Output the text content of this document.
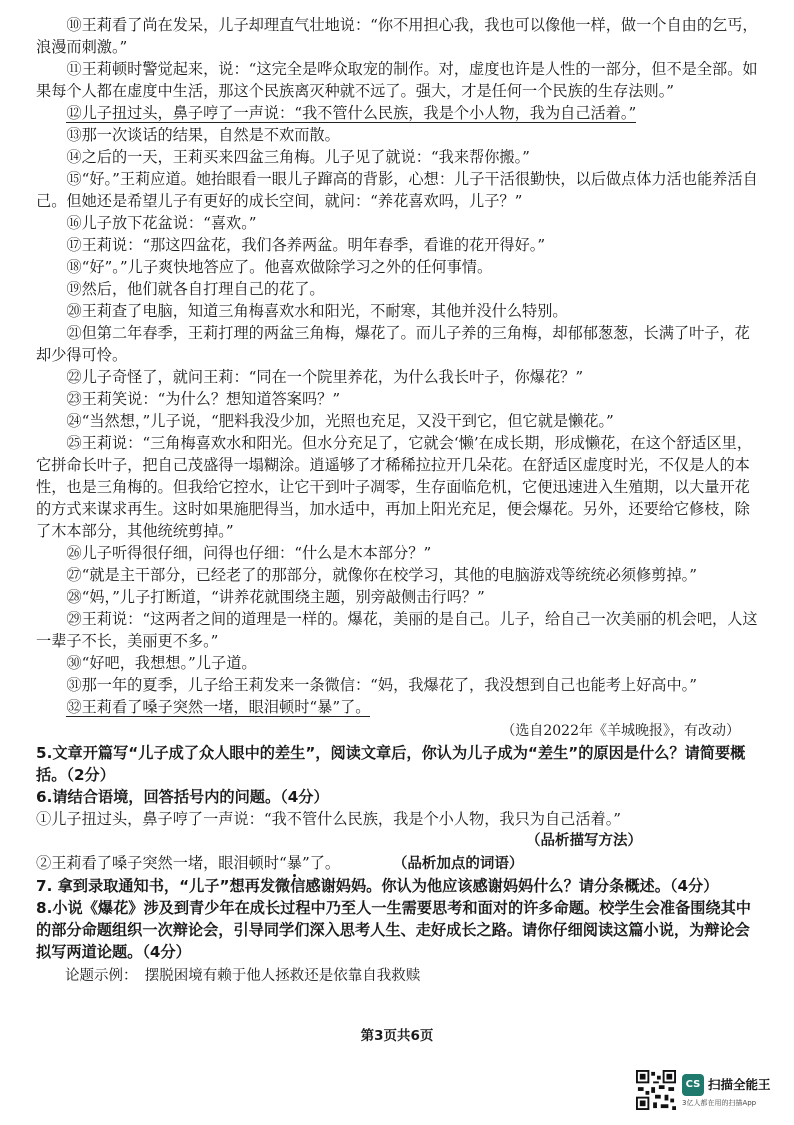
⑩王莉看了尚在发呆，儿子却理直气壮地说：“你不用担心我，我也可以像他一样，做一个自由的乞丐，浪漫而刺激。”

⑪王莉顿时警觉起来，说：“这完全是哗众取宠的制作。对，虚度也许是人性的一部分，但不是全部。如果每个人都在虚度中生活，那这个民族离灭种就不远了。强大，才是任何一个民族的生存法则。”

⑫儿子扭过头，鼻子哼了一声说：“我不管什么民族，我是个小人物，我为自己活着。”

⑬那一次谈话的结果，自然是不欢而散。

⑭之后的一天，王莉买来四盆三角梅。儿子见了就说：“我来帮你搬。”

⑮“好。”王莉应道。她抬眼看一眼儿子蹿高的背影，心想：儿子干活很勤快，以后做点体力活也能养活自己。但她还是希望儿子有更好的成长空间，就问：“养花喜欢吗，儿子？”

⑯儿子放下花盆说：“喜欢。”

⑰王莉说：“那这四盆花，我们各养两盆。明年春季，看谁的花开得好。”

⑱“好”。”儿子爽快地答应了。他喜欢做除学习之外的任何事情。

⑲然后，他们就各自打理自己的花了。

⑳王莉查了电脑，知道三角梅喜欢水和阳光，不耐寒，其他并没什么特别。

㉑但第二年春季，王莉打理的两盆三角梅，爆花了。而儿子养的三角梅，却郁郁葱葱，长满了叶子，花却少得可怜。

㉒儿子奇怪了，就问王莉：“同在一个院里养花，为什么我长叶子，你爆花？”

㉓王莉笑说：“为什么？想知道答案吗？”

㉔“当然想，”儿子说，“肥料我没少加，光照也充足，又没干到它，但它就是懒花。”

㉕王莉说：“三角梅喜欢水和阳光。但水分充足了，它就会‘懒’在成长期，形成懒花，在这个舒适区里，它拼命长叶子，把自己茂盛得一塌糊涂。逍遥够了才稀稀拉拉开几朵花。在舒适区虚度时光，不仅是人的本性，也是三角梅的。但我给它控水，让它干到叶子凋零，生存面临危机，它便迅速进入生殖期，以大量开花的方式来谋求再生。这时如果施肥得当，加水适中，再加上阳光充足，便会爆花。另外，还要给它修枝，除了木本部分，其他统统剪掉。”

㉖儿子听得很仔细，问得也仔细：“什么是木本部分？”

㉗“就是主干部分，已经老了的那部分，就像你在校学习，其他的电脑游戏等统统必须修剪掉。”

㉘“妈，”儿子打断道，“讲养花就围绕主题，别旁敲侧击行吗？”

㉙王莉说：“这两者之间的道理是一样的。爆花，美丽的是自己。儿子，给自己一次美丽的机会吧，人这一辈子不长，美丽更不多。”

㉚“好吧，我想想。”儿子道。

㉛那一年的夏季，儿子给王莉发来一条微信：“妈，我爆花了，我没想到自己也能考上好高中。”

㉜王莉看了嗓子突然一堵，眼泪顿时“暴”了。

（选自2022年《羊城晚报》，有改动）

5.文章开篇写“儿子成了众人眼中的差生”，阅读文章后，你认为儿子成为“差生”的原因是什么？请简要概括。（2分）

6.请结合语境，回答括号内的问题。（4分）

①儿子扭过头，鼻子哼了一声说：“我不管什么民族，我是个小人物，我只为自己活着。”

（品析描写方法）

②王莉看了嗓子突然一堵，眼泪顿时“暴”了。	（品析加点的词语）

7. 拿到录取通知书，“儿子”想再发微信感谢妈妈。你认为他应该感谢妈妈什么？请分条概述。（4分）

8.小说《爆花》涉及到青少年在成长过程中乃至人一生需要思考和面对的许多命题。校学生会准备围绕其中的部分命题组织一次辩论会，引导同学们深入思考人生、走好成长之路。请你仔细阅读这篇小说，为辩论会拟写两道论题。（4分）

论题示例：　摆脱困境有赖于他人拯救还是依靠自我救赎

第3页共6页
CS 扫描全能王
3亿人都在用的扫描App
